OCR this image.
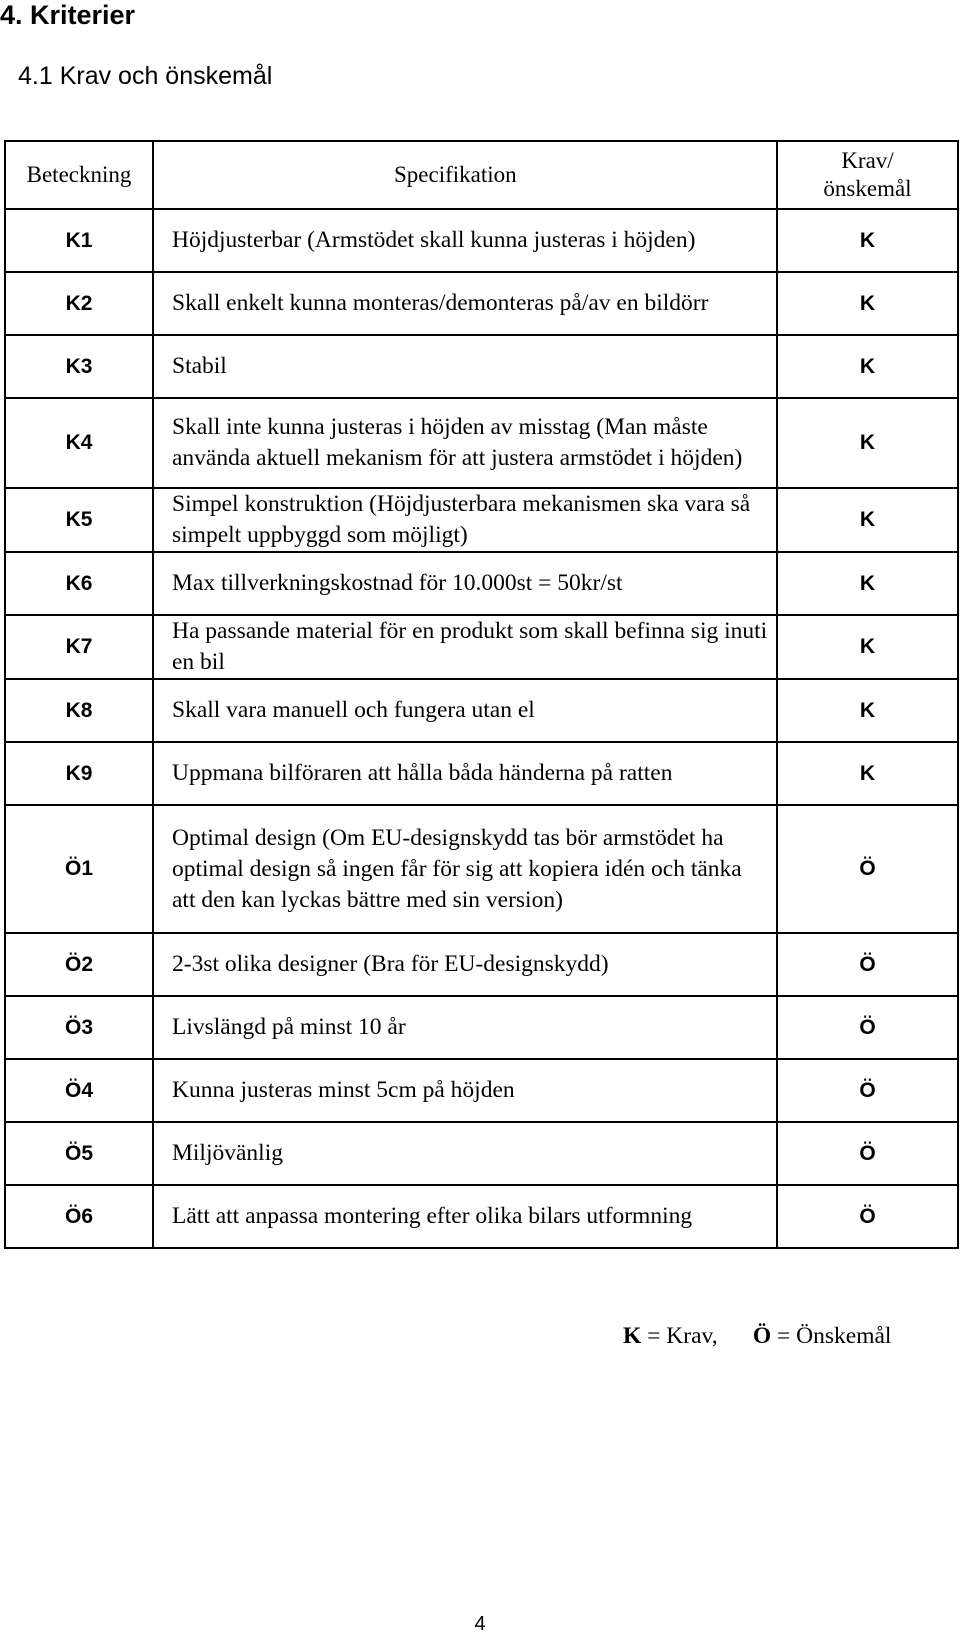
4. Kriterier
4.1 Krav och önskemål
Beteckning	Specifikation	Krav/
önskemål
K1	Höjdjusterbar (Armstödet skall kunna justeras i höjden)	K
K2	Skall enkelt kunna monteras/demonteras på/av en bildörr	K
K3	Stabil	K
K4	Skall inte kunna justeras i höjden av misstag (Man måste använda aktuell mekanism för att justera armstödet i höjden)	K
K5	Simpel konstruktion (Höjdjusterbara mekanismen ska vara så simpelt uppbyggd som möjligt)	K
K6	Max tillverkningskostnad för 10.000st = 50kr/st	K
K7	Ha passande material för en produkt som skall befinna sig inuti en bil	K
K8	Skall vara manuell och fungera utan el	K
K9	Uppmana bilföraren att hålla båda händerna på ratten	K
Ö1	Optimal design (Om EU-designskydd tas bör armstödet ha optimal design så ingen får för sig att kopiera idén och tänka att den kan lyckas bättre med sin version)	Ö
Ö2	2-3st olika designer (Bra för EU-designskydd)	Ö
Ö3	Livslängd på minst 10 år	Ö
Ö4	Kunna justeras minst 5cm på höjden	Ö
Ö5	Miljövänlig	Ö
Ö6	Lätt att anpassa montering efter olika bilars utformning	Ö
K = Krav, Ö = Önskemål
4
